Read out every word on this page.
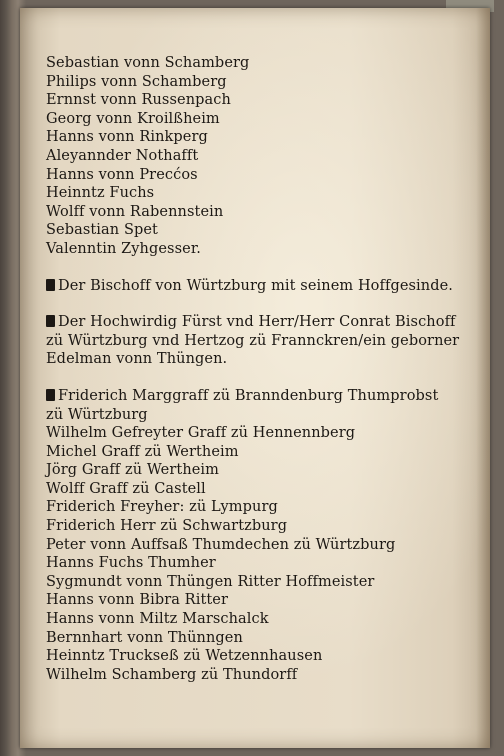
Sebastian vonn Schamberg
Philips vonn Schamberg
Ernnst vonn Russenpach
Georg vonn Kroilßheim
Hanns vonn Rinkperg
Aleyannder Nothafft
Hanns vonn Precćos
Heinntz Fuchs
Wolff vonn Rabennstein
Sebastian Spet
Valenntin Zyhgesser.
Der Bischoff von Würtzburg mit seinem Hoffgesinde.
Der Hochwirdig Fürst vnd Herr/Herr Conrat Bischoff
zü Würtzburg vnd Hertzog zü Frannckren/ein geborner
Edelman vonn Thüngen.
Friderich Marggraff zü Branndenburg Thumprobst
zü Würtzburg
Wilhelm Gefreyter Graff zü Hennennberg
Michel Graff zü Wertheim
Jörg Graff zü Wertheim
Wolff Graff zü Castell
Friderich Freyher: zü Lympurg
Friderich Herr zü Schwartzburg
Peter vonn Auffsaß Thumdechen zü Würtzburg
Hanns Fuchs Thumher
Sygmundt vonn Thüngen Ritter Hoffmeister
Hanns vonn Bibra Ritter
Hanns vonn Miltz Marschalck
Bernnhart vonn Thünngen
Heinntz Truckseß zü Wetzennhausen
Wilhelm Schamberg zü Thundorff
